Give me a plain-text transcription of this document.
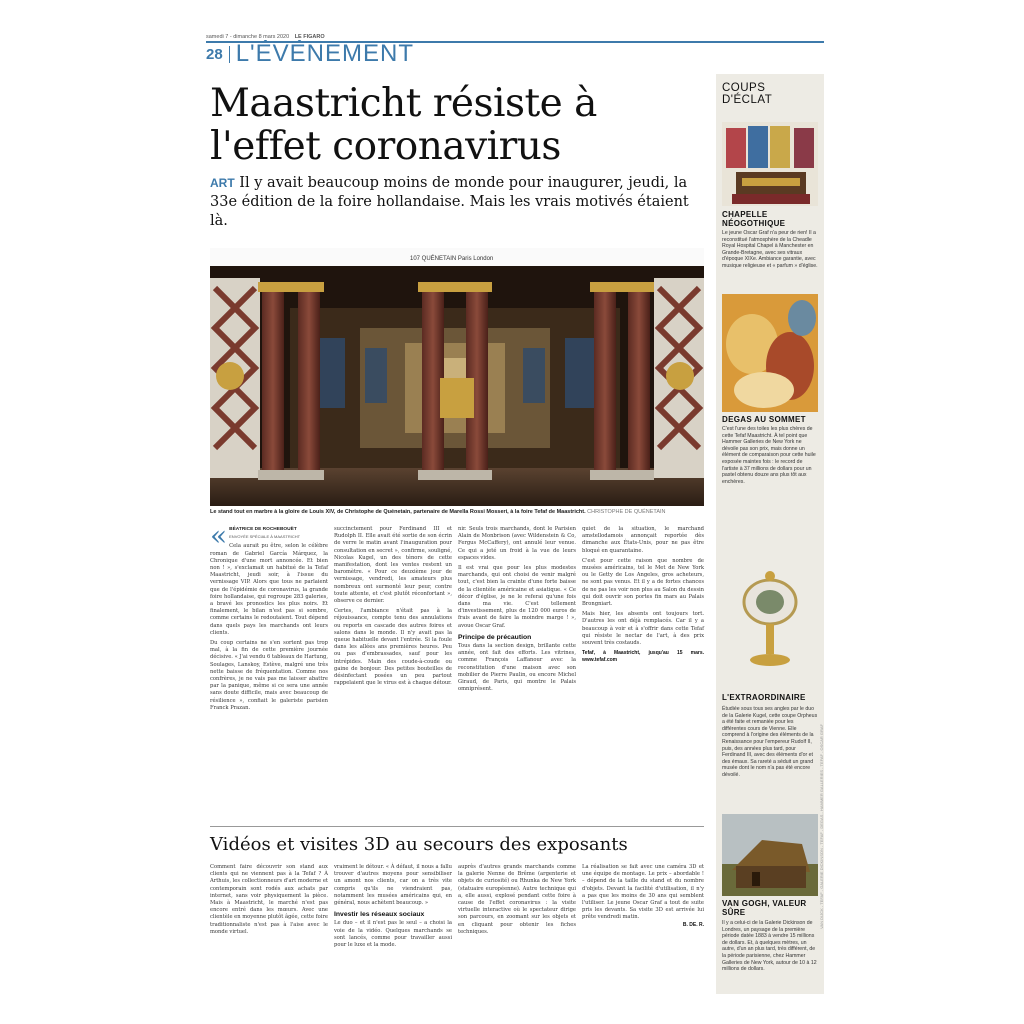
samedi 7 - dimanche 8 mars 2020 LE FIGARO
28 L'ÉVÉNEMENT
Maastricht résiste à l'effet coronavirus
ART Il y avait beaucoup moins de monde pour inaugurer, jeudi, la 33e édition de la foire hollandaise. Mais les vrais motivés étaient là.
107 QUÉNETAIN Paris London
Le stand tout en marbre à la gloire de Louis XIV, de Christophe de Quénetain, partenaire de Marella Rossi Mosseri, à la foire Tefaf de Maastricht. CHRISTOPHE DE QUÉNETAIN
« BÉATRICE DE ROCHEBOUËT
ENVOYÉE SPÉCIALE À MAASTRICHT

Cela aurait pu être, selon le célèbre roman de Gabriel García Márquez, la Chronique d'une mort annoncée. Et bien non ! », s'exclamait un habitué de la Tefaf Maastricht, jeudi soir, à l'issue du vernissage VIP. Alors que tous ne parlaient que de l'épidémie de coronavirus, la grande foire hollandaise, qui regroupe 283 galeries, a bravé les pronostics les plus noirs. Et finalement, le bilan n'est pas si sombre, comme certains le redoutaient. Tout dépend dans quels pays les marchands ont leurs clients.

Du coup certains ne s'en sortent pas trop mal, à la fin de cette première journée décisive. « J'ai vendu 6 tableaux de Hartung, Soulages, Lanskoy, Estève, malgré une très nette baisse de fréquentation. Comme nos confrères, je ne vais pas me laisser abattre par la panique, même si ce sera une année sans doute difficile, mais avec beaucoup de résilience », confiait le galeriste parisien Franck Prazan.

succinctement pour Ferdinand III et Rudolph II. Elle avait été sortie de son écrin de verre le matin avant l'inauguration pour consultation en secret », confirme, souligné, Nicolas Kugel, un des ténors de cette manifestation, dont les ventes restent un baromètre. « Pour ce deuxième jour de vernissage, vendredi, les amateurs plus nombreux ont surmonté leur peur, contre toute attente, et c'est plutôt réconfortant », observe ce dernier.

Certes, l'ambiance n'était pas à la réjouissance, compte tenu des annulations ou reports en cascade des autres foires et salons dans le monde. Il n'y avait pas la queue habituelle devant l'entrée. Si la foule dans les allées ans premières heures. Peu ou pas d'embrassades, sauf pour les intrépides. Main des coude-à-coude ou gaine de bonjour. Des petites bouteilles de désinfectant posées un peu partout rappelaient que le virus est à chaque détour.

nir. Seuls trois marchands, dont le Parisien Alain de Monbrison (avec Wildenstein & Co, Fergus McCaffery), ont annulé leur venue. Ce qui a jeté un froid à la vue de leurs espaces vides.

Il est vrai que pour les plus modestes marchands, qui ont choisi de venir malgré tout, c'est bien la crainte d'une forte baisse de la clientèle américaine et asiatique. « Ce décor d'église, je ne le referai qu'une fois dans ma vie. C'est tellement d'investissement, plus de 120 000 euros de frais avant de faire la moindre marge ! », avoue Oscar Graf.

Principe de précaution

Tous dans la section design, brillante cette année, ont fait des efforts. Les vitrines, comme François Laffanour avec la reconstitution d'une maison avec son mobilier de Pierre Paulin, ou encore Michel Giraud, de Paris, qui montre le Palais omniprésent.

quiet de la situation, le marchand amstellodamois annonçait reportée dès dimanche aux États-Unis, pour ne pas être bloqué en quarantaine.

C'est pour cette raison que nombre de musées américains, tel le Met de New York ou le Getty de Los Angeles, gros acheteurs, ne sont pas venus. Et il y a de fortes chances de ne pas les voir non plus au Salon du dessin qui doit ouvrir son portes fin mars au Palais Brongniart.

Mais hier, les absents ont toujours tort. D'autres les ont déjà remplacés. Car il y a beaucoup à voir et à s'offrir dans cette Tefaf qui résiste le nectar de l'art, à des prix souvent très costauds.

Tefaf, à Maastricht, jusqu'au 15 mars. www.tefaf.com

Vidéos et visites 3D au secours des exposants

Comment faire découvrir son stand aux clients qui ne viennent pas à la Tefaf ? À Arthuis, les collectionneurs d'art moderne et contemporain sont rodés aux achats par internet, sans voir physiquement la pièce. Mais à Maastricht, le marché n'est pas encore entré dans les mœurs. Avec une clientèle en moyenne plutôt âgée, cette foire traditionnaliste n'est pas à l'aise avec le monde virtuel.

vraiment le détour. « À défaut, il nous a fallu trouver d'autres moyens pour sensibiliser un amont nos clients, car on a très vite compris qu'ils ne viendraient pas, notamment les musées américains qui, en général, nous achètent beaucoup. »

Investir les réseaux sociaux

Le duo – et il n'est pas le seul – a choisi la voie de la vidéo. Quelques marchands se sont lancés, comme pour travailler aussi pour le luxe et la mode.

auprès d'autres grands marchands comme la galerie Nenne de Brême (argenterie et objets de curiosité) ou Rhunka de New York (statuaire européenne). Autre technique qui a, elle aussi, explosé pendant cette foire à cause de l'effet coronavirus : la visite virtuelle interactive où le spectateur dirige son parcours, en zoomant sur les objets et en cliquant pour obtenir les fiches techniques.

La réalisation se fait avec une caméra 3D et une équipe de montage. Le prix – abordable ! – dépend de la taille du stand et du nombre d'objets. Devant la facilité d'utilisation, il n'y a pas que les moins de 30 ans qui semblent l'utiliser. Le jeune Oscar Graf a tout de suite pris les devants. Sa visite 3D est arrivée lui prête vendredi matin.

B. DE. R.

COUPS D'ÉCLAT
CHAPELLE NÉOGOTHIQUE
Le jeune Oscar Graf n'a peur de rien! Il a reconstitué l'atmosphère de la Cheadle Royal Hospital Chapel à Manchester en Grande-Bretagne, avec ses vitraux d'époque XIXe. Ambiance garantie, avec musique religieuse et « parfum » d'église.
DEGAS AU SOMMET
C'est l'une des toiles les plus chères de cette Tefaf Maastricht. À tel point que Hammer Galleries de New York ne dévoile pas son prix, mais donne un élément de comparaison pour cette huile exposée maintes fois : le record de l'artiste à 37 millions de dollars pour un pastel obtenu douze ans plus tôt aux enchères.
L'EXTRAORDINAIRE
Étudiée sous tous ses angles par le duo de la Galerie Kugel, cette coupe Orpheus a été faite et remaniée pour les différentes cours de Vienne. Elle comprend à l'origine des éléments de la Renaissance pour l'empereur Rudolf II, puis, des années plus tard, pour Ferdinand III, avec des éléments d'or et des émaux. Sa rareté a séduit un grand musée dont le nom n'a pas été encore dévoilé.
VAN GOGH, VALEUR SÛRE
Il y a celui-ci de la Galerie Dickinson de Londres, un paysage de la première période datée 1883 à vendre 15 millions de dollars. Et, à quelques mètres, un autre, d'un an plus tard, très différent, de la période parisienne, chez Hammer Galleries de New York, autour de 10 à 12 millions de dollars.
VAN DIJCK - TEFAF - GALERIE DICKINSON - TEFAF - DEGAS - HAMMER GALLERIES - TEFAF - OSCAR GRAF
